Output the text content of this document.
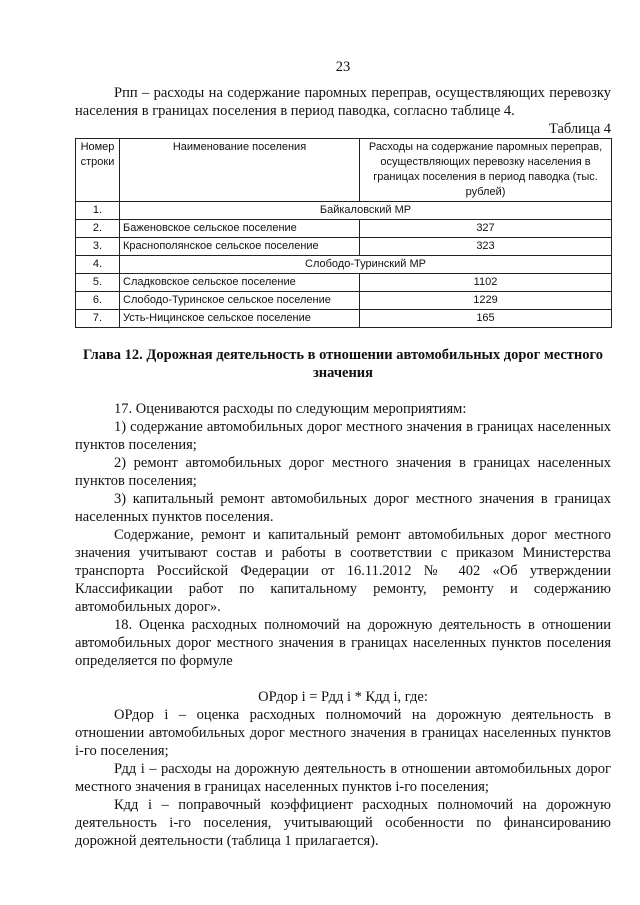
23

Рпп – расходы на содержание паромных переправ, осуществляющих перевозку населения в границах поселения в период паводка, согласно таблице 4.

Таблица 4
Номер строки	Наименование поселения	Расходы на содержание паромных переправ, осуществляющих перевозку населения в границах поселения в период паводка (тыс. рублей)
1.	Байкаловский МР	
2.	Баженовское сельское поселение	327
3.	Краснополянское сельское поселение	323
4.	Слободо-Туринский МР	
5.	Сладковское сельское поселение	1102
6.	Слободо-Туринское сельское поселение	1229
7.	Усть-Ницинское сельское поселение	165
Глава 12. Дорожная деятельность в отношении автомобильных дорог местного значения

17. Оцениваются расходы по следующим мероприятиям:

1) содержание автомобильных дорог местного значения в границах населенных пунктов поселения;

2) ремонт автомобильных дорог местного значения в границах населенных пунктов поселения;

3) капитальный ремонт автомобильных дорог местного значения в границах населенных пунктов поселения.

Содержание, ремонт и капитальный ремонт автомобильных дорог местного значения учитывают состав и работы в соответствии с приказом Министерства транспорта Российской Федерации от 16.11.2012 № 402 «Об утверждении Классификации работ по капитальному ремонту, ремонту и содержанию автомобильных дорог».

18. Оценка расходных полномочий на дорожную деятельность в отношении автомобильных дорог местного значения в границах населенных пунктов поселения определяется по формуле

ОРдор i = Рдд i * Кдд i, где:

ОРдор i – оценка расходных полномочий на дорожную деятельность в отношении автомобильных дорог местного значения в границах населенных пунктов i-го поселения;

Рдд i – расходы на дорожную деятельность в отношении автомобильных дорог местного значения в границах населенных пунктов i-го поселения;

Кдд i – поправочный коэффициент расходных полномочий на дорожную деятельность i-го поселения, учитывающий особенности по финансированию дорожной деятельности (таблица 1 прилагается).
